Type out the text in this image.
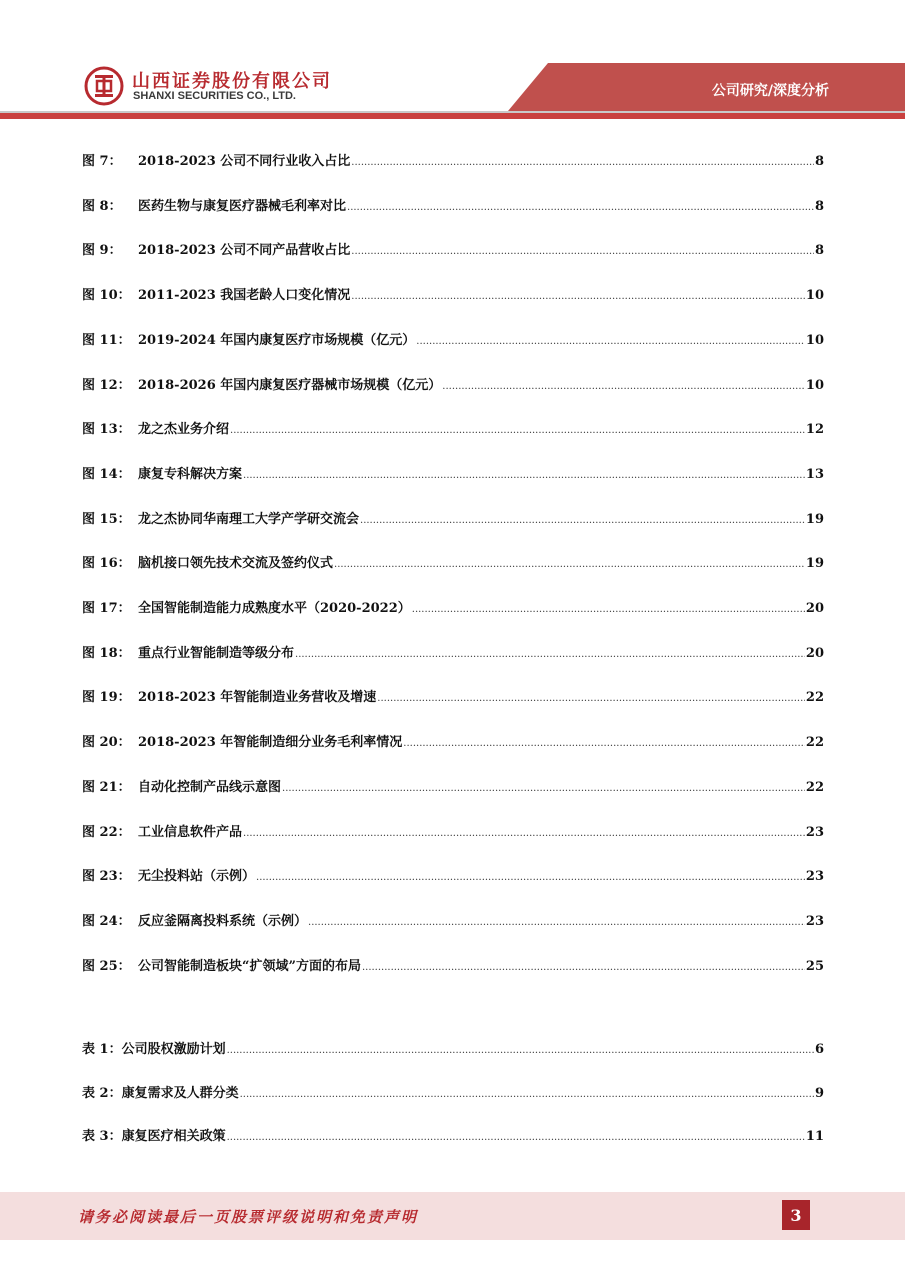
山西证券股份有限公司
SHANXI SECURITIES CO., LTD.	公司研究/深度分析
图 7：	2018-2023 公司不同行业收入占比 .....	8
图 8：	医药生物与康复医疗器械毛利率对比 .....	8
图 9：	2018-2023 公司不同产品营收占比 .....	8
图 10： 2011-2023 我国老龄人口变化情况 .....	10
图 11： 2019-2024 年国内康复医疗市场规模（亿元） .....	10
图 12： 2018-2026 年国内康复医疗器械市场规模（亿元） .....	10
图 13： 龙之杰业务介绍 .....	12
图 14： 康复专科解决方案 .....	13
图 15： 龙之杰协同华南理工大学产学研交流会 .....	19
图 16： 脑机接口领先技术交流及签约仪式 .....	19
图 17： 全国智能制造能力成熟度水平（2020-2022） .....	20
图 18： 重点行业智能制造等级分布 .....	20
图 19： 2018-2023 年智能制造业务营收及增速 .....	22
图 20： 2018-2023 年智能制造细分业务毛利率情况 .....	22
图 21： 自动化控制产品线示意图 .....	22
图 22： 工业信息软件产品 .....	23
图 23： 无尘投料站（示例） .....	23
图 24： 反应釜隔离投料系统（示例） .....	23
图 25： 公司智能制造板块“扩领域”方面的布局 .....	25
表 1： 公司股权激励计划 .....	6
表 2： 康复需求及人群分类 .....	9
表 3： 康复医疗相关政策 .....	11
请务必阅读最后一页股票评级说明和免责声明	3
